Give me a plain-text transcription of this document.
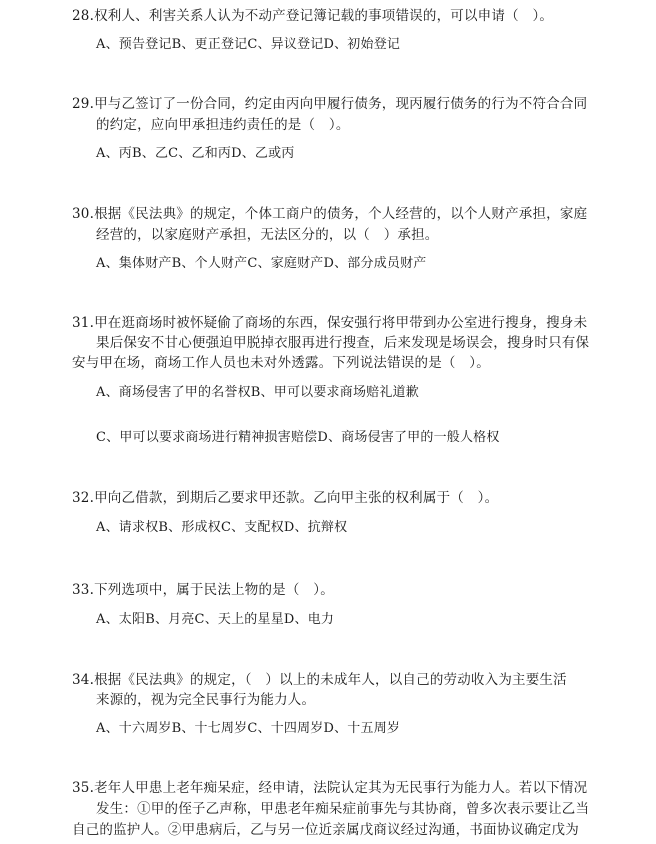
28.权利人、利害关系人认为不动产登记簿记载的事项错误的，可以申请（　）。
A、预告登记B、更正登记C、异议登记D、初始登记
29.甲与乙签订了一份合同，约定由丙向甲履行债务，现丙履行债务的行为不符合合同
的约定，应向甲承担违约责任的是（　）。
A、丙B、乙C、乙和丙D、乙或丙
30.根据《民法典》的规定，个体工商户的债务，个人经营的，以个人财产承担，家庭
经营的，以家庭财产承担，无法区分的，以（　）承担。
A、集体财产B、个人财产C、家庭财产D、部分成员财产
31.甲在逛商场时被怀疑偷了商场的东西，保安强行将甲带到办公室进行搜身，搜身未
果后保安不甘心便强迫甲脱掉衣服再进行搜查，后来发现是场误会，搜身时只有保
安与甲在场，商场工作人员也未对外透露。下列说法错误的是（　）。
A、商场侵害了甲的名誉权B、甲可以要求商场赔礼道歉
C、甲可以要求商场进行精神损害赔偿D、商场侵害了甲的一般人格权
32.甲向乙借款，到期后乙要求甲还款。乙向甲主张的权利属于（　）。
A、请求权B、形成权C、支配权D、抗辩权
33.下列选项中，属于民法上物的是（　）。
A、太阳B、月亮C、天上的星星D、电力
34.根据《民法典》的规定，（　）以上的未成年人，以自己的劳动收入为主要生活
来源的，视为完全民事行为能力人。
A、十六周岁B、十七周岁C、十四周岁D、十五周岁
35.老年人甲患上老年痴呆症，经申请，法院认定其为无民事行为能力人。若以下情况
发生：①甲的侄子乙声称，甲患老年痴呆症前事先与其协商，曾多次表示要让乙当
自己的监护人。②甲患病后，乙与另一位近亲属戊商议经过沟通，书面协议确定戊为
